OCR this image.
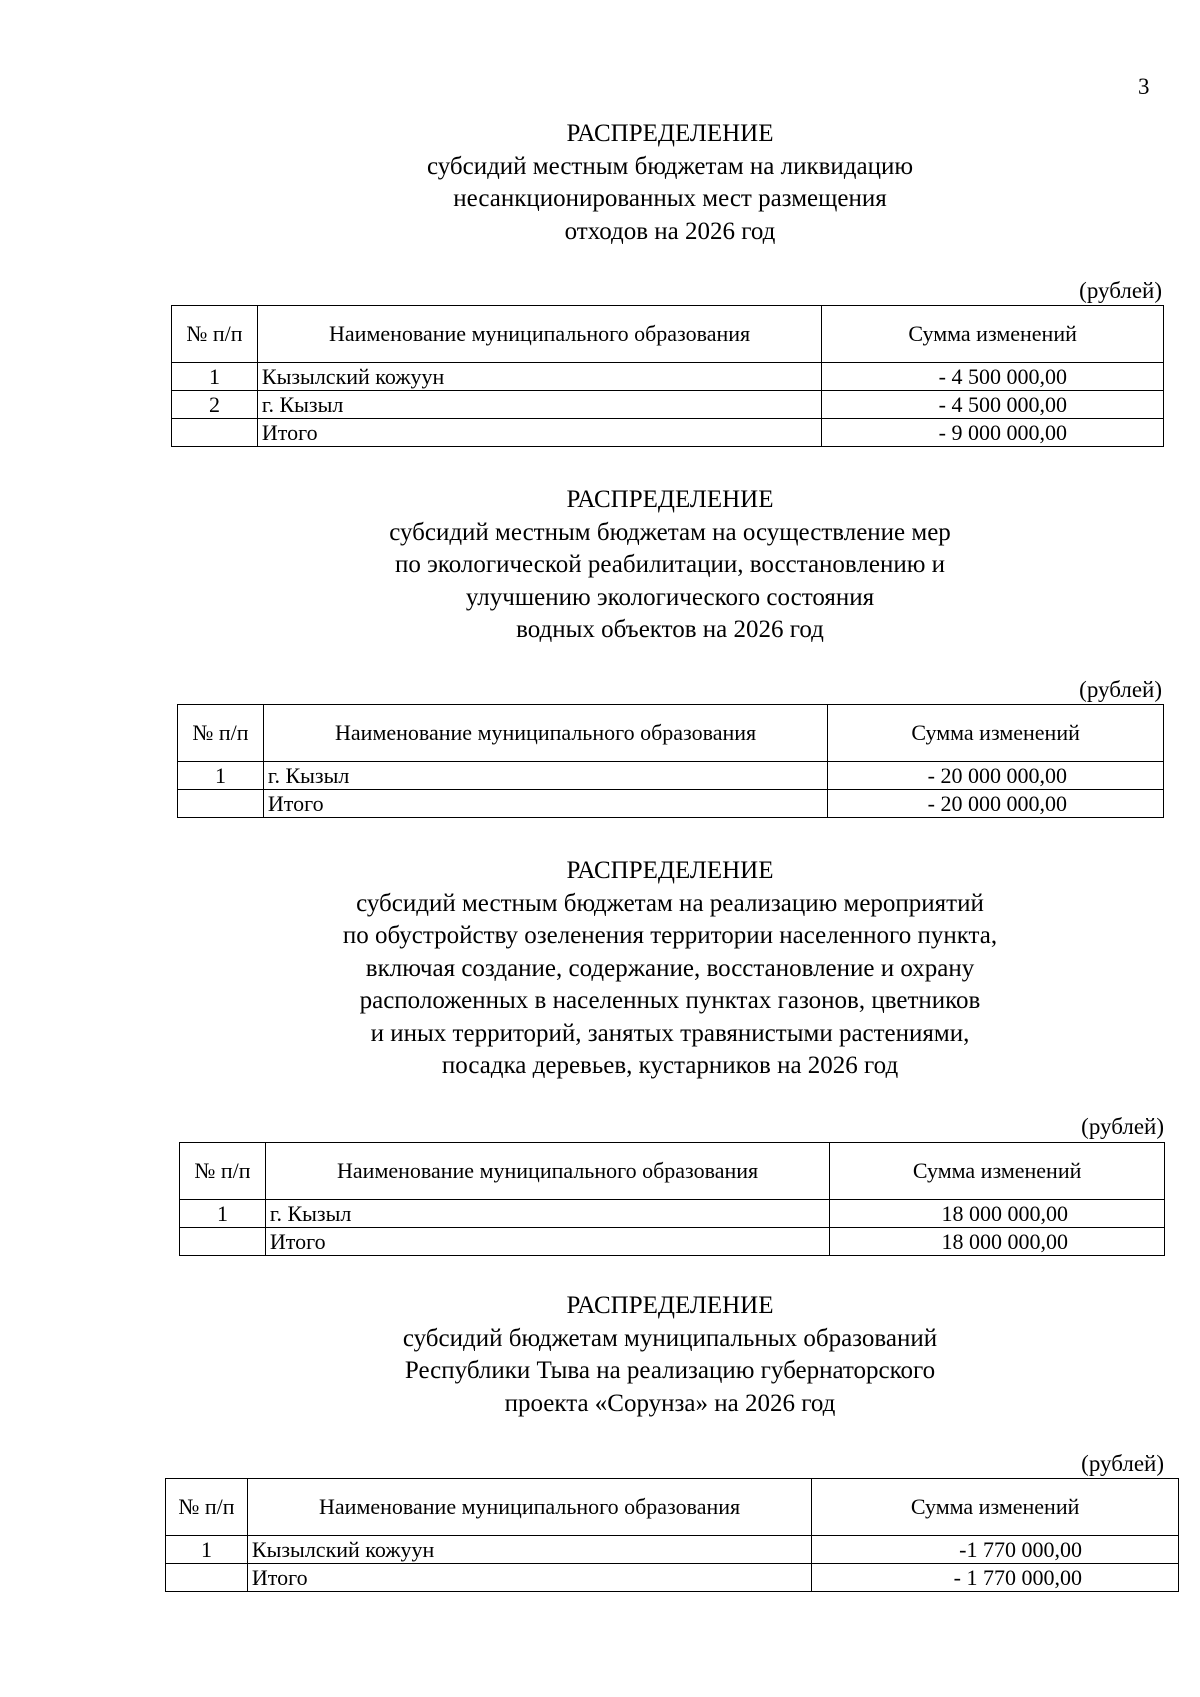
3
РАСПРЕДЕЛЕНИЕ
субсидий местным бюджетам на ликвидацию
несанкционированных мест размещения
отходов на 2026 год
(рублей)
№ п/п	Наименование муниципального образования	Сумма изменений
1	Кызылский кожуун	- 4 500 000,00
2	г. Кызыл	- 4 500 000,00
	Итого	- 9 000 000,00
РАСПРЕДЕЛЕНИЕ
субсидий местным бюджетам на осуществление мер
по экологической реабилитации, восстановлению и
улучшению экологического состояния
водных объектов на 2026 год
(рублей)
№ п/п	Наименование муниципального образования	Сумма изменений
1	г. Кызыл	- 20 000 000,00
	Итого	- 20 000 000,00
РАСПРЕДЕЛЕНИЕ
субсидий местным бюджетам на реализацию мероприятий
по обустройству озеленения территории населенного пункта,
включая создание, содержание, восстановление и охрану
расположенных в населенных пунктах газонов, цветников
и иных территорий, занятых травянистыми растениями,
посадка деревьев, кустарников на 2026 год
(рублей)
№ п/п	Наименование муниципального образования	Сумма изменений
1	г. Кызыл	18 000 000,00
	Итого	18 000 000,00
РАСПРЕДЕЛЕНИЕ
субсидий бюджетам муниципальных образований
Республики Тыва на реализацию губернаторского
проекта «Сорунза» на 2026 год
(рублей)
№ п/п	Наименование муниципального образования	Сумма изменений
1	Кызылский кожуун	-1 770 000,00
	Итого	- 1 770 000,00
